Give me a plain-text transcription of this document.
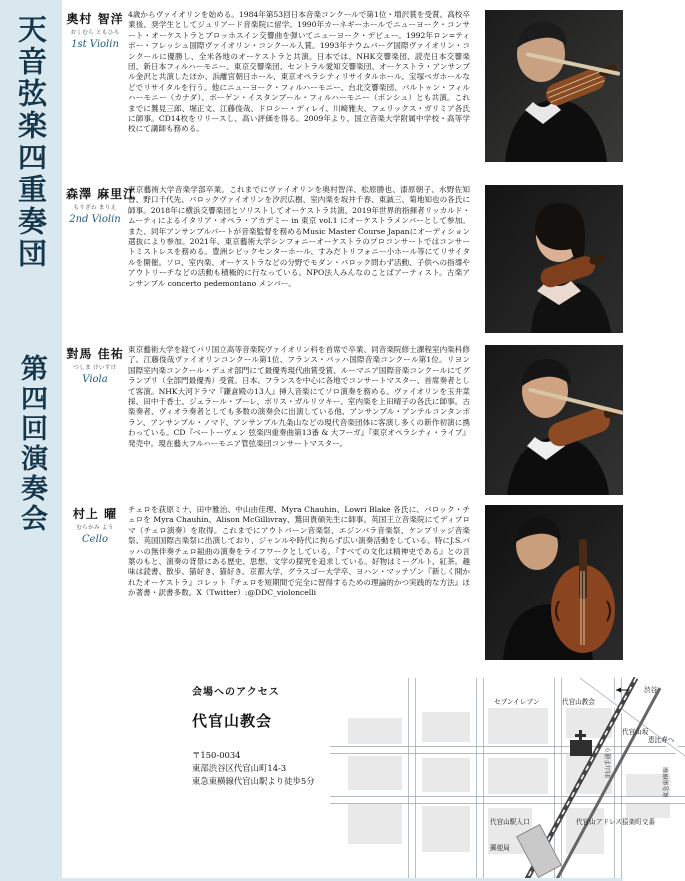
天音弦楽四重奏団
第四回演奏会
奥村 智洋
おくむら ともひろ
1st Violin
4歳からヴァイオリンを始める。1984年第53回日本音楽コンクールで第1位・増沢賞を受賞。高校卒業後、奨学生としてジュリアード音楽院に留学。1990年カーネギーホールでニューヨーク・コンサート・オーケストラとブロッホスイン交響曲を弾いてニューヨーク・デビュー。1992年ロン=ティボー・フレッシュ国際ヴァイオリン・コンクール入賞。1993年ナウムバーグ国際ヴァイオリン・コンクールに優勝し、全米各地のオーケストラと共演。日本では、NHK交響楽団、読売日本交響楽団、新日本フィルハーモニー、東京交響楽団、セントラル愛知交響楽団、オーケストラ・アンサンブル金沢と共演したほか、浜離宮朝日ホール、東京オペラシティリサイタルホール、宝塚ベガホールなどでリサイタルを行う。他にニューヨーク・フィルハーモニー、台北交響楽団、バルトゥン・フィルハーモニー（カナダ）、ボーゲン・イスタンブール・フィルハーモニー（ボンシュ）とも共演。これまでに鷲見三郎、堀正文、江藤俊哉、ドロシー・ディレイ、川崎雅夫、フェリックス・ガリミア各氏に師事。CD14枚をリリースし、高い評価を得る。2009年より、国立音楽大学附属中学校・高等学校にて講師も務める。
森澤 麻里江
もりざわ まりえ
2nd Violin
東京藝術大学音楽学部卒業。これまでにヴァイオリンを奥村智洋、松原勝也、漆原朝子、水野佐知香、野口千代先、バロックヴァイオリンを汐沢広樹、室内楽を坂井千春、東誠三、菊地知也の各氏に師事。2018年に横浜交響楽団とソリストしてオーケストラ共演、2019年世界的指揮者リッカルド・ムーティによるイタリア・オペラ・アカデミー in 東京 vol.1 にオーケストラメンバーとして参加。また、同年アンサンブルバートが音楽監督を務めるMusic Master Course Japanにオーディション選抜により参加。2021年、東京藝術大学シンフォニーオーケストラのプロコンサートではコンサートミストレスを務める。豊洲シビックセンターホール、すみだトリフォニー小ホール等にてリサイタルを開催。ソロ、室内楽、オーケストラなどの分野でモダン・バロック問わず活動、子供への指導やアウトリーチなどの活動も積極的に行なっている。NPO法人みんなのことばアーティスト。古楽アンサンブル concerto pedemontano メンバー。
對馬 佳祐
つしま けいすけ
Viola
東京藝術大学を経てパリ国立高等音楽院ヴァイオリン科を首席で卒業、同音楽院修士課程室内楽科修了。江藤俊哉ヴァイオリンコンクール第1位、フランス・バッハ国際音楽コンクール第1位。リヨン国際室内楽コンクール・デュオ部門にて最優秀現代曲賞受賞、ルーマニア国際音楽コンクールにてグランプリ（全部門最優秀）受賞。日本、フランスを中心に各地でコンサートマスター、首席奏者として客演。NHK大河ドラマ『鎌倉殿の13人』挿入音楽にてソロ演奏を務める。ヴァイオリンを玉井菜採、田中千香士、ジェラール・プーレ、ボリス・ガルリツキー、室内楽を上田晴子の各氏に師事。古楽奏者、ヴィオラ奏者としても多数の演奏会に出演している他、アンサンブル・アンテルコンタンポラン、アンサンブル・ノマド、アンサンブル九条山などの現代音楽団体に客演し多くの新作初演に携わっている。CD『ベートーヴェン 弦楽四重奏曲第13番 & 大フーガ』『東京オペラシティ・ライブ』発売中。現在藝大フルハーモニア管弦楽団コンサートマスター。
村上 曜
むらかみ よう
Cello
チェロを荻原ミナ、田中雅治、中山由佳理、Myra Chauhin、Lowri Blake 各氏に、バロック・チェロを Myra Chauhin、Alison McGillivray、鷲田貴碩先生に師事。英国王立音楽院にてディプロマ（チェロ演奏）を取得。これまでにアウトバーン音楽祭、エジンバラ音楽祭、ケンブリッジ音楽祭、英国国際古楽祭に出演しており、ジャンルや時代に拘らず広い演奏活動をしている。特にJ.S.バッハの無伴奏チェロ組曲の演奏をライフワークとしている。『すべての文化は精神史である』との言葉のもと、演奏の背景にある歴史、思想、文学の探究を追求している。好物はミーグルト、紅茶。趣味は読書、散歩、猫好き、猫好き。京都大学、グラスゴー大学卒、ヨハン・マッテゾン『新しく開かれたオーケストラ』コレット『チェロを短期間で完全に習得するための理論的かつ実践的な方法』ほか著書・訳書多数。X（Twitter）:@DDC_violoncelli
会場へのアクセス
代官山教会
〒150-0034
東部渋谷区代官山町14-3
東急東横線代官山駅より徒歩5分
渋谷
代官山教会
セブンイレブン
代官山坂
代官山駅入口	代官山アドレス 猿楽町交番
恵比寿へ
郵便局
旧山手通り
東急東横線
